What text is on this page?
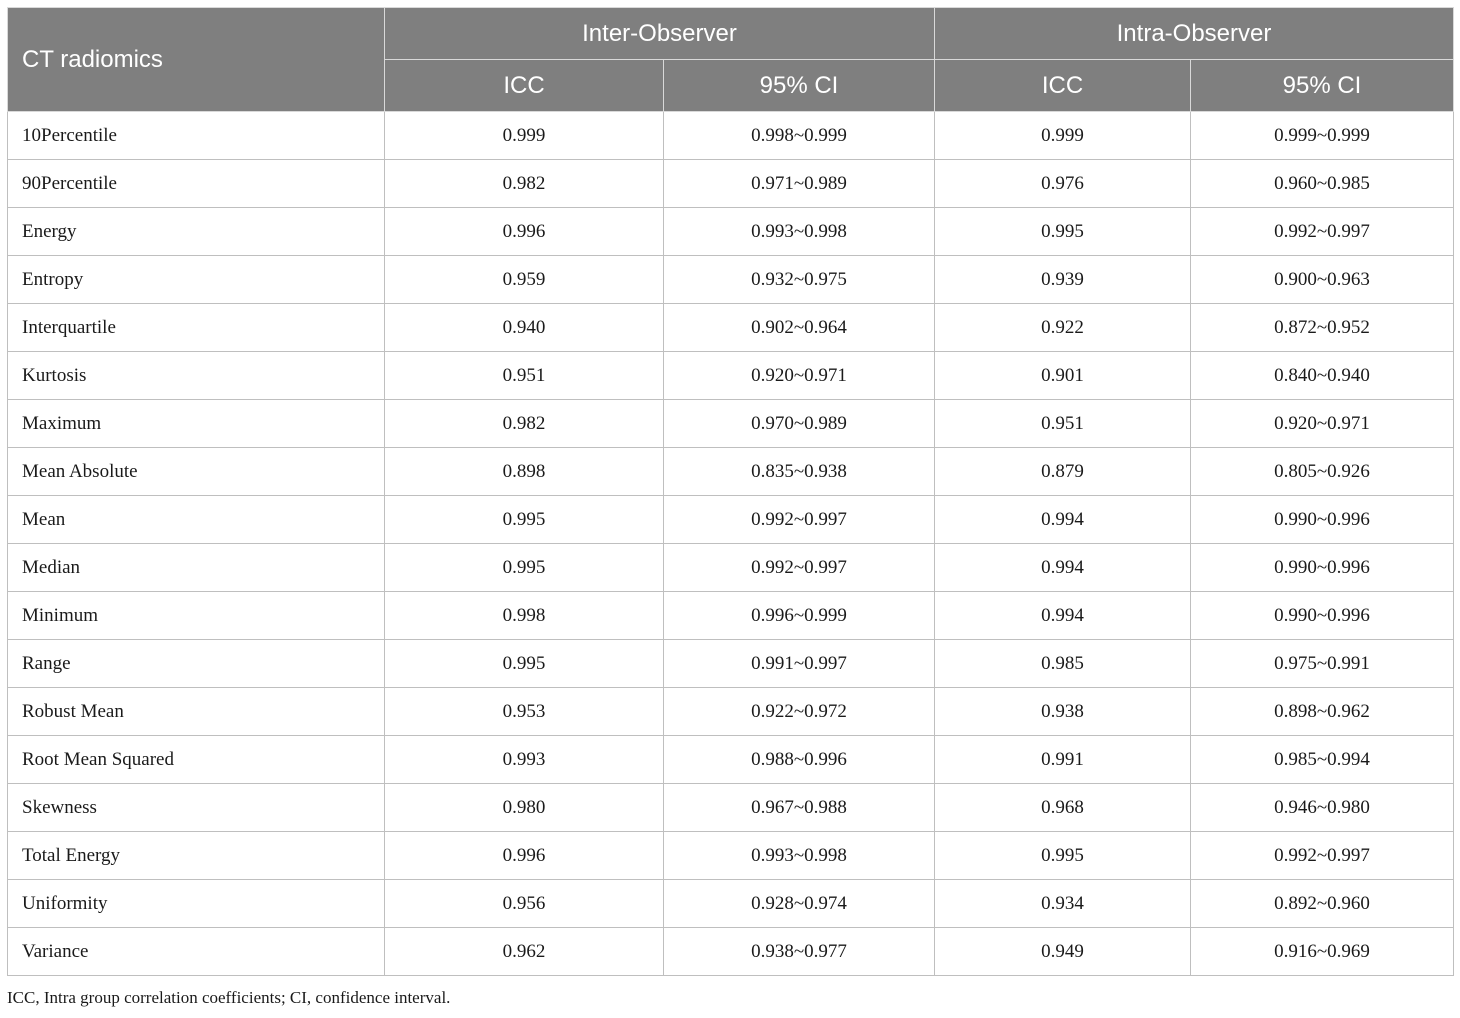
CT radiomics	Inter-Observer		Intra-Observer	
	ICC	95% CI	ICC	95% CI
10Percentile	0.999	0.998~0.999	0.999	0.999~0.999
90Percentile	0.982	0.971~0.989	0.976	0.960~0.985
Energy	0.996	0.993~0.998	0.995	0.992~0.997
Entropy	0.959	0.932~0.975	0.939	0.900~0.963
Interquartile	0.940	0.902~0.964	0.922	0.872~0.952
Kurtosis	0.951	0.920~0.971	0.901	0.840~0.940
Maximum	0.982	0.970~0.989	0.951	0.920~0.971
Mean Absolute	0.898	0.835~0.938	0.879	0.805~0.926
Mean	0.995	0.992~0.997	0.994	0.990~0.996
Median	0.995	0.992~0.997	0.994	0.990~0.996
Minimum	0.998	0.996~0.999	0.994	0.990~0.996
Range	0.995	0.991~0.997	0.985	0.975~0.991
Robust Mean	0.953	0.922~0.972	0.938	0.898~0.962
Root Mean Squared	0.993	0.988~0.996	0.991	0.985~0.994
Skewness	0.980	0.967~0.988	0.968	0.946~0.980
Total Energy	0.996	0.993~0.998	0.995	0.992~0.997
Uniformity	0.956	0.928~0.974	0.934	0.892~0.960
Variance	0.962	0.938~0.977	0.949	0.916~0.969
ICC, Intra group correlation coefficients; CI, confidence interval.
